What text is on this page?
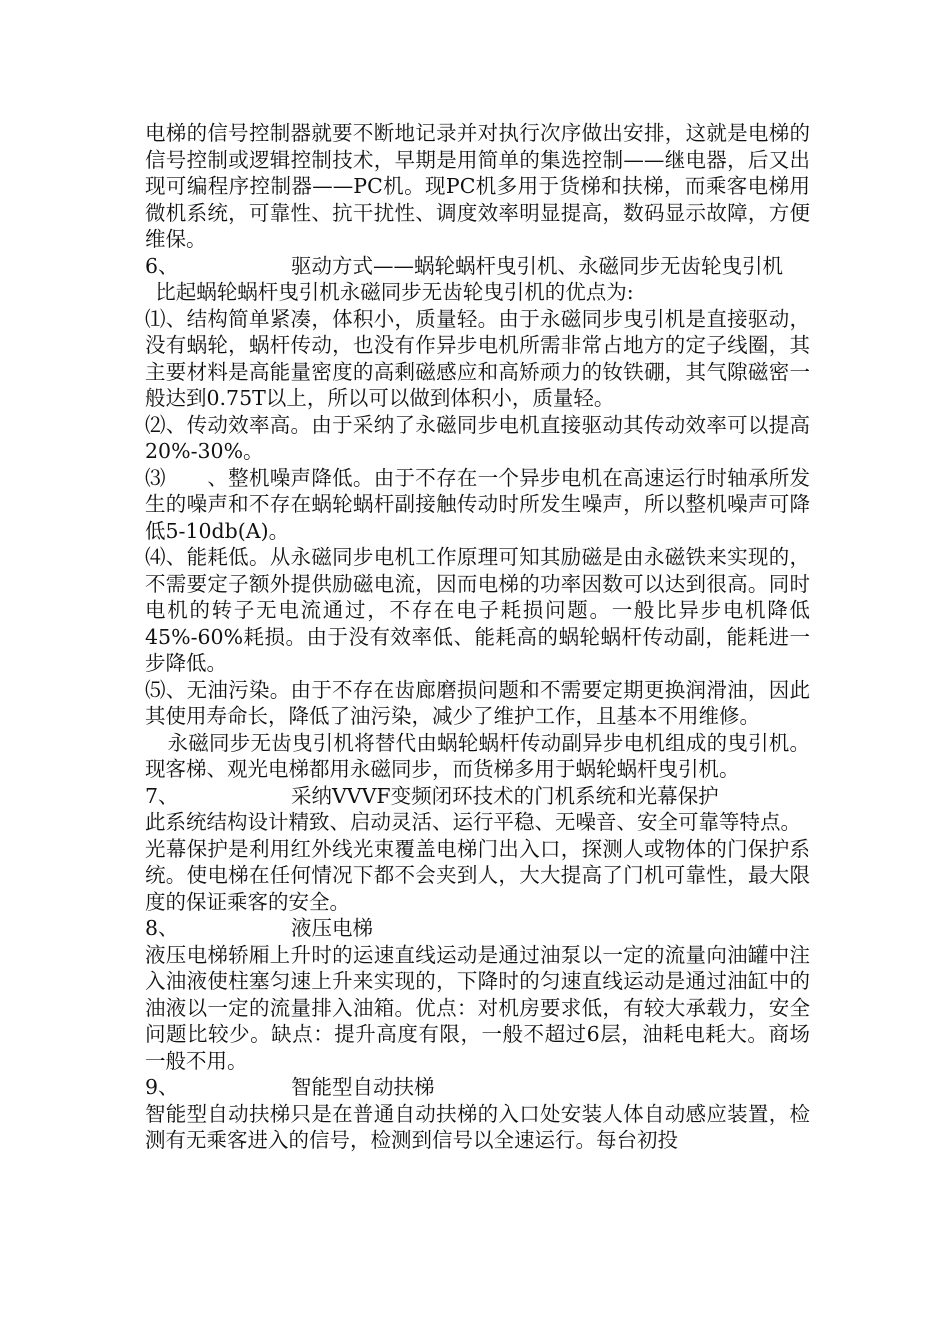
电梯的信号控制器就要不断地记录并对执行次序做出安排，这就是电梯的信号控制或逻辑控制技术，早期是用简单的集选控制——继电器，后又出现可编程序控制器——PC机。现PC机多用于货梯和扶梯，而乘客电梯用微机系统，可靠性、抗干扰性、调度效率明显提高，数码显示故障，方便维保。

6、	驱动方式——蜗轮蜗杆曳引机、永磁同步无齿轮曳引机

比起蜗轮蜗杆曳引机永磁同步无齿轮曳引机的优点为:

⑴、结构简单紧凑，体积小，质量轻。由于永磁同步曳引机是直接驱动，没有蜗轮，蜗杆传动，也没有作异步电机所需非常占地方的定子线圈，其主要材料是高能量密度的高剩磁感应和高矫顽力的钕铁硼，其气隙磁密一般达到0.75T以上，所以可以做到体积小，质量轻。

⑵、传动效率高。由于采纳了永磁同步电机直接驱动其传动效率可以提高20%-30%。

⑶　　、整机噪声降低。由于不存在一个异步电机在高速运行时轴承所发生的噪声和不存在蜗轮蜗杆副接触传动时所发生噪声，所以整机噪声可降低5-10db(A)。

⑷、能耗低。从永磁同步电机工作原理可知其励磁是由永磁铁来实现的，不需要定子额外提供励磁电流，因而电梯的功率因数可以达到很高。同时电机的转子无电流通过，不存在电子耗损问题。一般比异步电机降低45%-60%耗损。由于没有效率低、能耗高的蜗轮蜗杆传动副，能耗进一步降低。

⑸、无油污染。由于不存在齿廊磨损问题和不需要定期更换润滑油，因此其使用寿命长，降低了油污染，减少了维护工作，且基本不用维修。

永磁同步无齿曳引机将替代由蜗轮蜗杆传动副异步电机组成的曳引机。现客梯、观光电梯都用永磁同步，而货梯多用于蜗轮蜗杆曳引机。

7、	采纳VVVF变频闭环技术的门机系统和光幕保护

此系统结构设计精致、启动灵活、运行平稳、无噪音、安全可靠等特点。

光幕保护是利用红外线光束覆盖电梯门出入口，探测人或物体的门保护系统。使电梯在任何情况下都不会夹到人，大大提高了门机可靠性，最大限度的保证乘客的安全。

8、	液压电梯

液压电梯轿厢上升时的运速直线运动是通过油泵以一定的流量向油罐中注入油液使柱塞匀速上升来实现的，下降时的匀速直线运动是通过油缸中的油液以一定的流量排入油箱。优点：对机房要求低，有较大承载力，安全问题比较少。缺点：提升高度有限，一般不超过6层，油耗电耗大。商场一般不用。

9、	智能型自动扶梯

智能型自动扶梯只是在普通自动扶梯的入口处安装人体自动感应装置，检测有无乘客进入的信号，检测到信号以全速运行。每台初投
